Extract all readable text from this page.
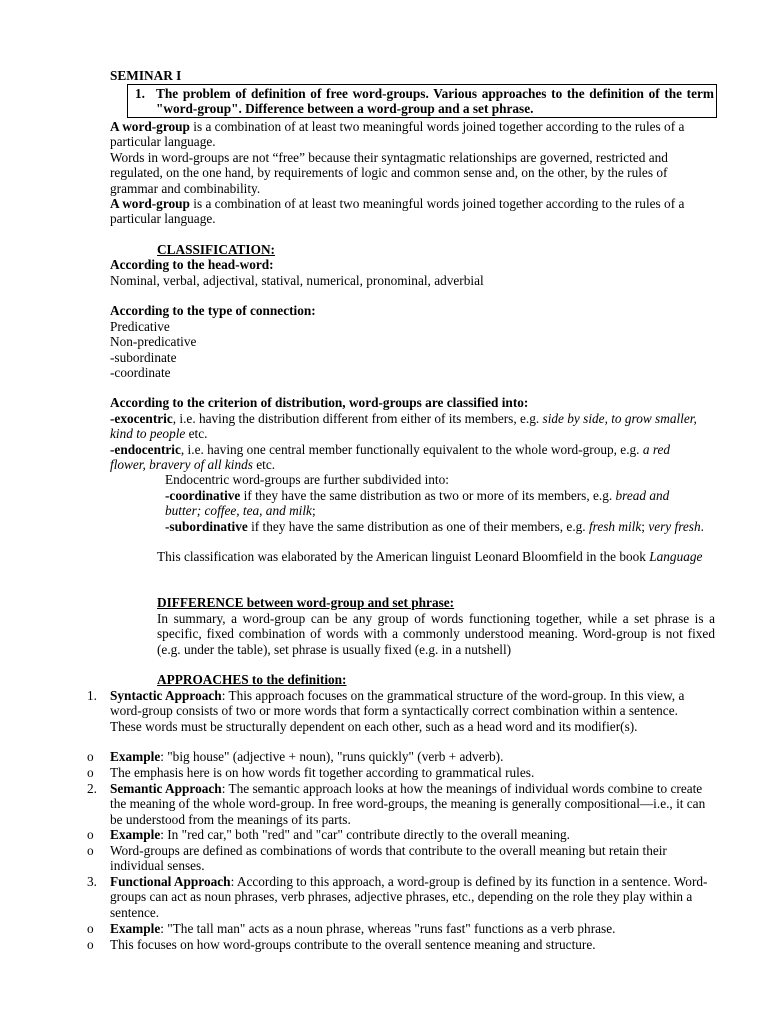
SEMINAR I
1. The problem of definition of free word-groups. Various approaches to the definition of the term "word-group". Difference between a word-group and a set phrase.
A word-group is a combination of at least two meaningful words joined together according to the rules of a particular language.
Words in word-groups are not “free” because their syntagmatic relationships are governed, restricted and regulated, on the one hand, by requirements of logic and common sense and, on the other, by the rules of grammar and combinability.
A word-group is a combination of at least two meaningful words joined together according to the rules of a particular language.
CLASSIFICATION:
According to the head-word:
Nominal, verbal, adjectival, statival, numerical, pronominal, adverbial
According to the type of connection:
Predicative
Non-predicative
-subordinate
-coordinate
According to the criterion of distribution, word-groups are classified into:
-exocentric, i.e. having the distribution different from either of its members, e.g. side by side, to grow smaller, kind to people etc.
-endocentric, i.e. having one central member functionally equivalent to the whole word-group, e.g. a red flower, bravery of all kinds etc.
Endocentric word-groups are further subdivided into:
-coordinative if they have the same distribution as two or more of its members, e.g. bread and butter; coffee, tea, and milk;
-subordinative if they have the same distribution as one of their members, e.g. fresh milk; very fresh.
This classification was elaborated by the American linguist Leonard Bloomfield in the book Language
DIFFERENCE between word-group and set phrase:
In summary, a word-group can be any group of words functioning together, while a set phrase is a specific, fixed combination of words with a commonly understood meaning. Word-group is not fixed (e.g. under the table), set phrase is usually fixed (e.g. in a nutshell)
APPROACHES to the definition:
1. Syntactic Approach: This approach focuses on the grammatical structure of the word-group. In this view, a word-group consists of two or more words that form a syntactically correct combination within a sentence. These words must be structurally dependent on each other, such as a head word and its modifier(s).
o Example: "big house" (adjective + noun), "runs quickly" (verb + adverb).
o The emphasis here is on how words fit together according to grammatical rules.
2. Semantic Approach: The semantic approach looks at how the meanings of individual words combine to create the meaning of the whole word-group. In free word-groups, the meaning is generally compositional—i.e., it can be understood from the meanings of its parts.
o Example: In "red car," both "red" and "car" contribute directly to the overall meaning.
o Word-groups are defined as combinations of words that contribute to the overall meaning but retain their individual senses.
3. Functional Approach: According to this approach, a word-group is defined by its function in a sentence. Word-groups can act as noun phrases, verb phrases, adjective phrases, etc., depending on the role they play within a sentence.
o Example: "The tall man" acts as a noun phrase, whereas "runs fast" functions as a verb phrase.
o This focuses on how word-groups contribute to the overall sentence meaning and structure.
